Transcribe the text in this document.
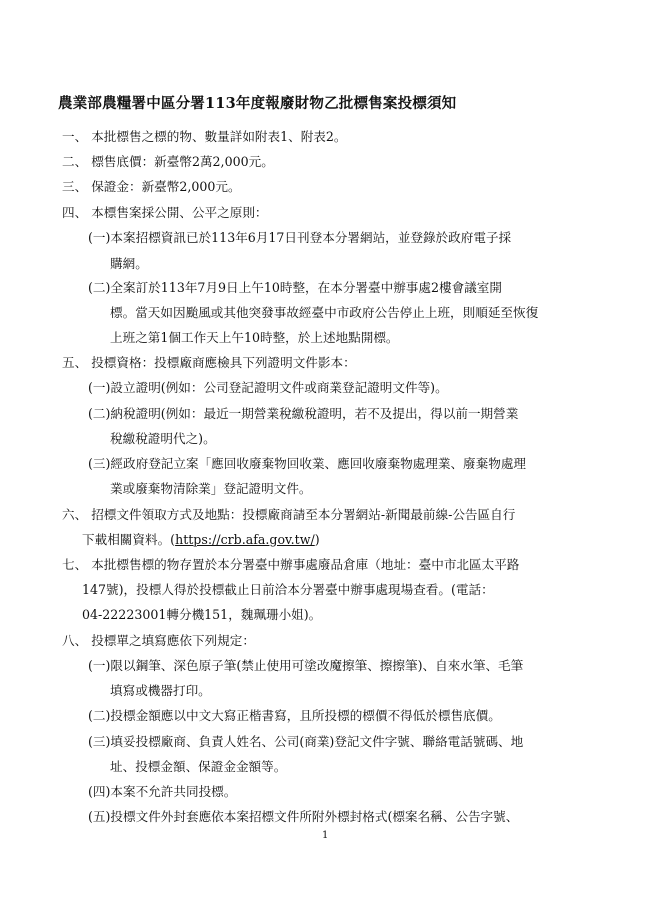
農業部農糧署中區分署113年度報廢財物乙批標售案投標須知
一、 本批標售之標的物、數量詳如附表1、附表2。
二、 標售底價：新臺幣2萬2,000元。
三、 保證金：新臺幣2,000元。
四、 本標售案採公開、公平之原則：
(一)本案招標資訊已於113年6月17日刊登本分署網站，並登錄於政府電子採
購網。
(二)全案訂於113年7月9日上午10時整，在本分署臺中辦事處2樓會議室開
標。當天如因颱風或其他突發事故經臺中市政府公告停止上班，則順延至恢復
上班之第1個工作天上午10時整，於上述地點開標。
五、 投標資格：投標廠商應檢具下列證明文件影本：
(一)設立證明(例如：公司登記證明文件或商業登記證明文件等)。
(二)納稅證明(例如：最近一期營業稅繳稅證明，若不及提出，得以前一期營業
稅繳稅證明代之)。
(三)經政府登記立案「應回收廢棄物回收業、應回收廢棄物處理業、廢棄物處理
業或廢棄物清除業」登記證明文件。
六、 招標文件領取方式及地點：投標廠商請至本分署網站-新聞最前線-公告區自行
下載相關資料。(https://crb.afa.gov.tw/)
七、 本批標售標的物存置於本分署臺中辦事處廢品倉庫（地址：臺中市北區太平路
147號)，投標人得於投標截止日前洽本分署臺中辦事處現場查看。(電話：
04-22223001轉分機151，魏珮珊小姐)。
八、 投標單之填寫應依下列規定：
(一)限以鋼筆、深色原子筆(禁止使用可塗改魔擦筆、擦擦筆)、自來水筆、毛筆
填寫或機器打印。
(二)投標金額應以中文大寫正楷書寫，且所投標的標價不得低於標售底價。
(三)填妥投標廠商、負責人姓名、公司(商業)登記文件字號、聯絡電話號碼、地
址、投標金額、保證金金額等。
(四)本案不允許共同投標。
(五)投標文件外封套應依本案招標文件所附外標封格式(標案名稱、公告字號、
1
